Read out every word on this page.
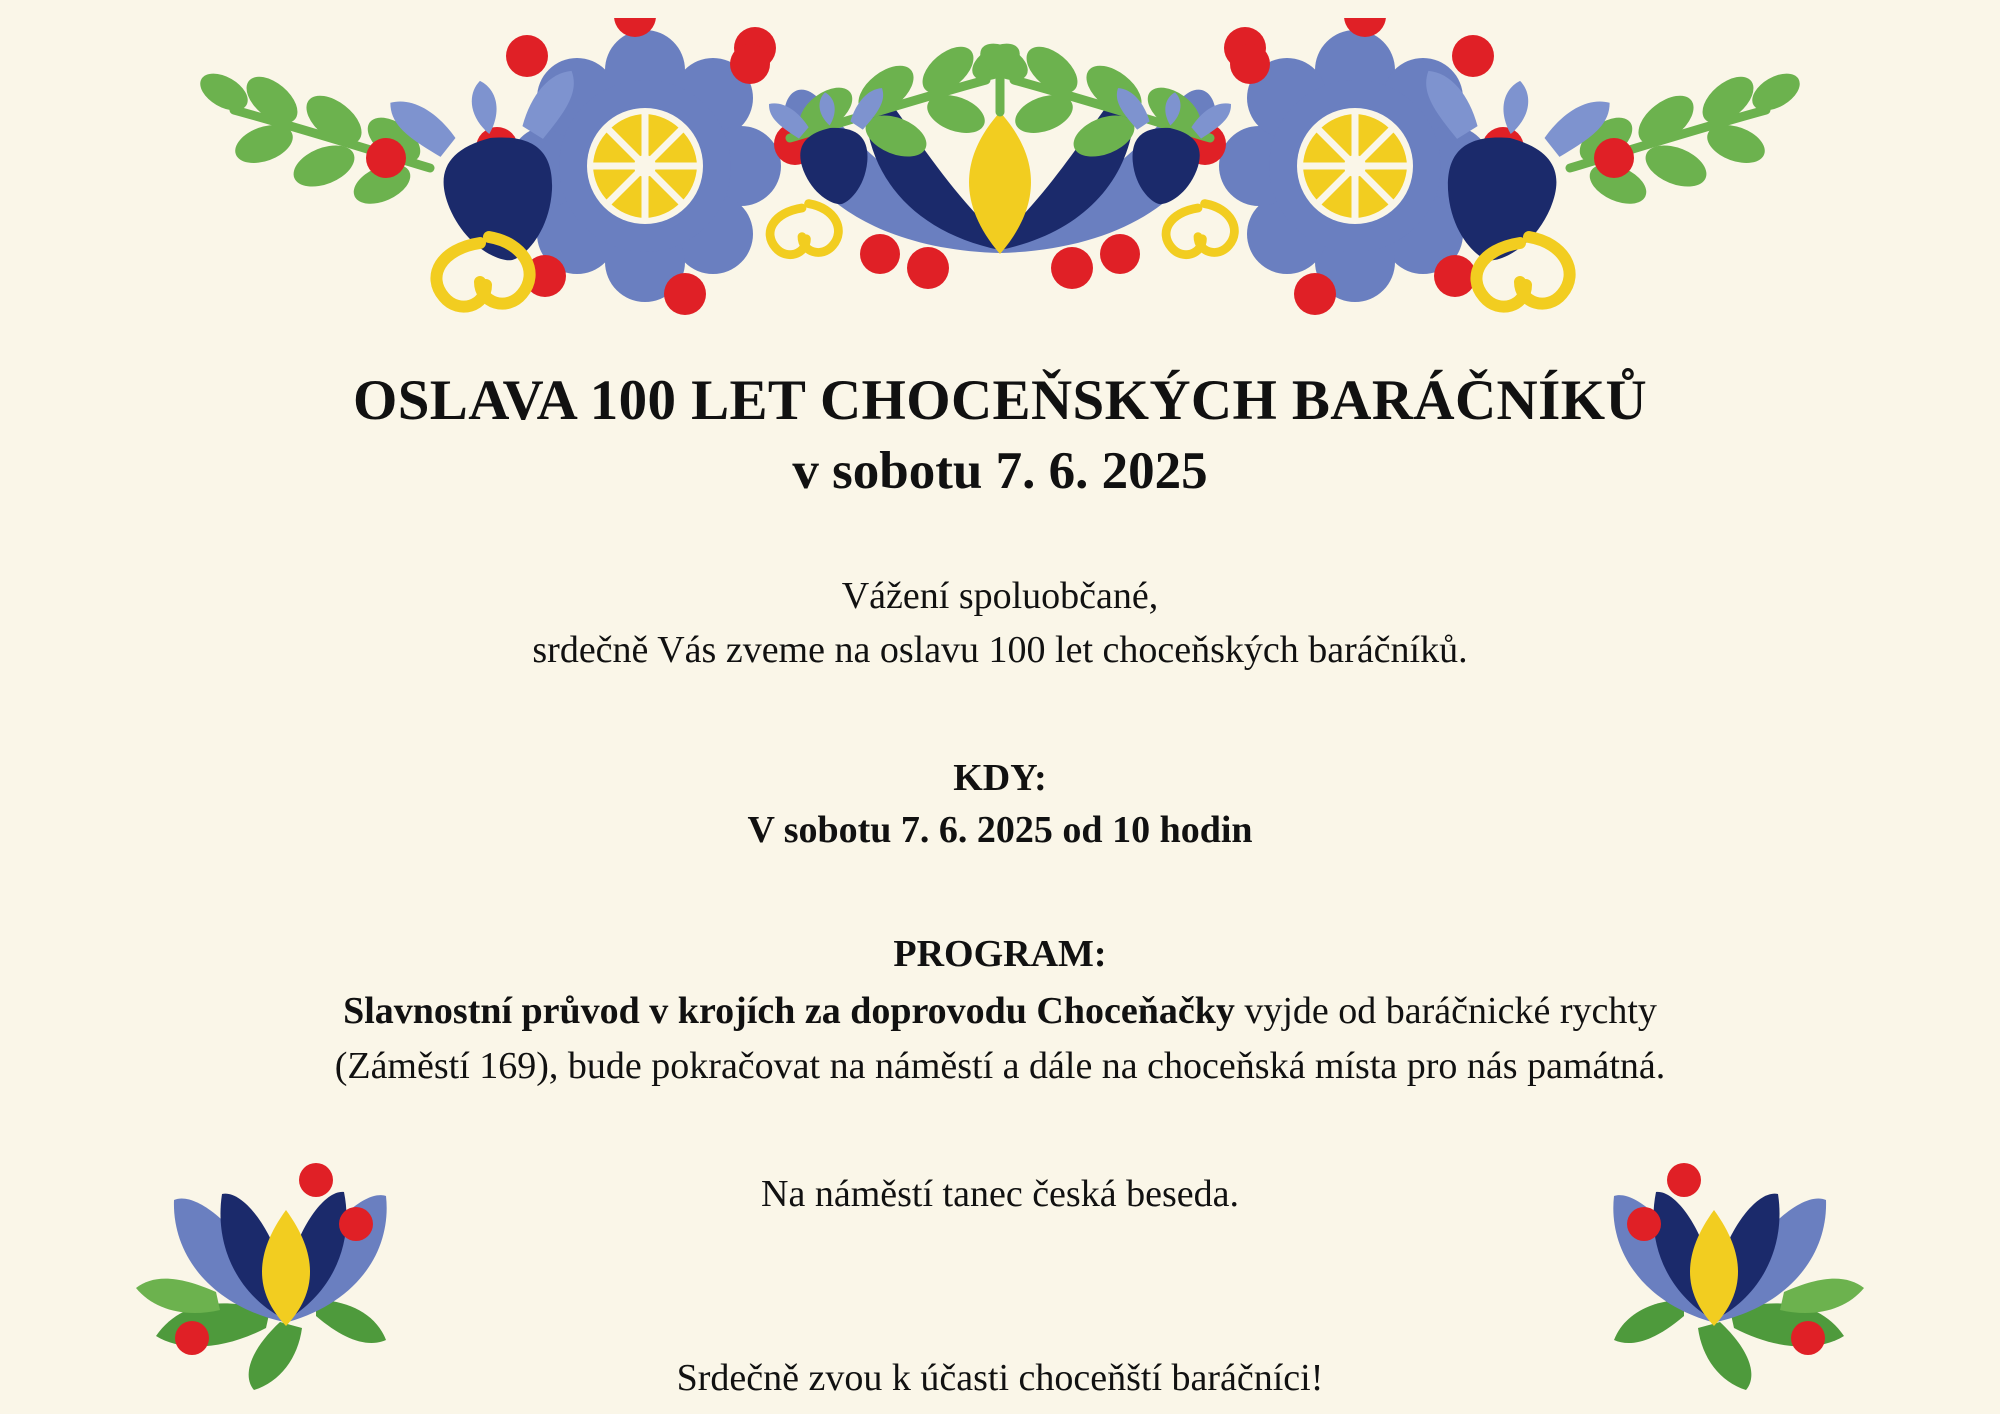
OSLAVA 100 LET CHOCEŇSKÝCH BARÁČNÍKŮ
v sobotu 7. 6. 2025
Vážení spoluobčané,
srdečně Vás zveme na oslavu 100 let choceňských baráčníků.
KDY:
V sobotu 7. 6. 2025 od 10 hodin
PROGRAM:
Slavnostní průvod v krojích za doprovodu Choceňačky vyjde od baráčnické rychty (Záměstí 169), bude pokračovat na náměstí a dále na choceňská místa pro nás památná.
Na náměstí tanec česká beseda.
Srdečně zvou k účasti choceňští baráčníci!
